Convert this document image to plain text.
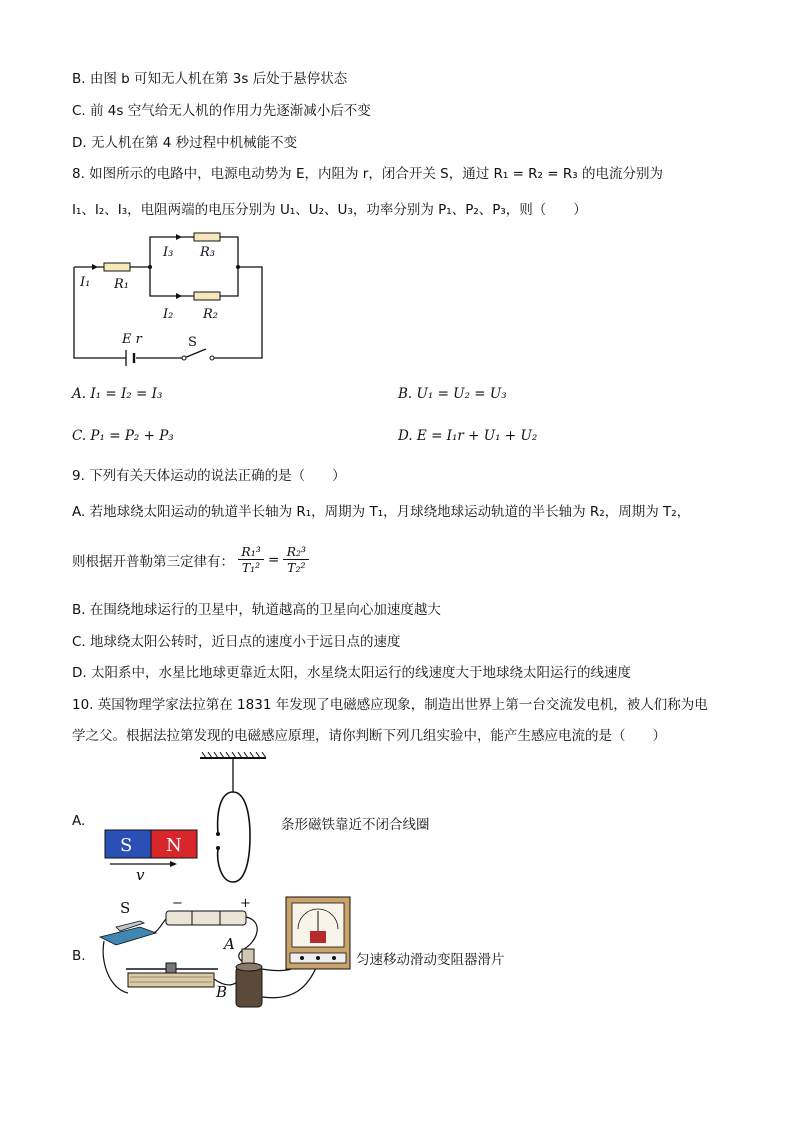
B. 由图 b 可知无人机在第 3s 后处于悬停状态
C. 前 4s 空气给无人机的作用力先逐渐减小后不变
D. 无人机在第 4 秒过程中机械能不变
8. 如图所示的电路中，电源电动势为 E，内阻为 r，闭合开关 S，通过 R₁ = R₂ = R₃ 的电流分别为
I₁、I₂、I₃，电阻两端的电压分别为 U₁、U₂、U₃，功率分别为 P₁、P₂、P₃，则（　　）
I₁ R₁
I₃ R₃
I₂ R₂
E r	S
A. I₁ = I₂ = I₃	B. U₁ = U₂ = U₃
C. P₁ = P₂ + P₃	D. E = I₁r + U₁ + U₂
9. 下列有关天体运动的说法正确的是（　　）
A. 若地球绕太阳运动的轨道半长轴为 R₁，周期为 T₁，月球绕地球运动轨道的半长轴为 R₂，周期为 T₂，
则根据开普勒第三定律有：
R₁³
T₁² = R₂³
T₂²
B. 在围绕地球运行的卫星中，轨道越高的卫星向心加速度越大
C. 地球绕太阳公转时，近日点的速度小于远日点的速度
D. 太阳系中，水星比地球更靠近太阳，水星绕太阳运行的线速度大于地球绕太阳运行的线速度
10. 英国物理学家法拉第在 1831 年发现了电磁感应现象，制造出世界上第一台交流发电机，被人们称为电
学之父。根据法拉第发现的电磁感应原理，请你判断下列几组实验中，能产生感应电流的是（　　）
A.
S N
v
条形磁铁靠近不闭合线圈
B.
S	−	+
A
B
匀速移动滑动变阻器滑片
